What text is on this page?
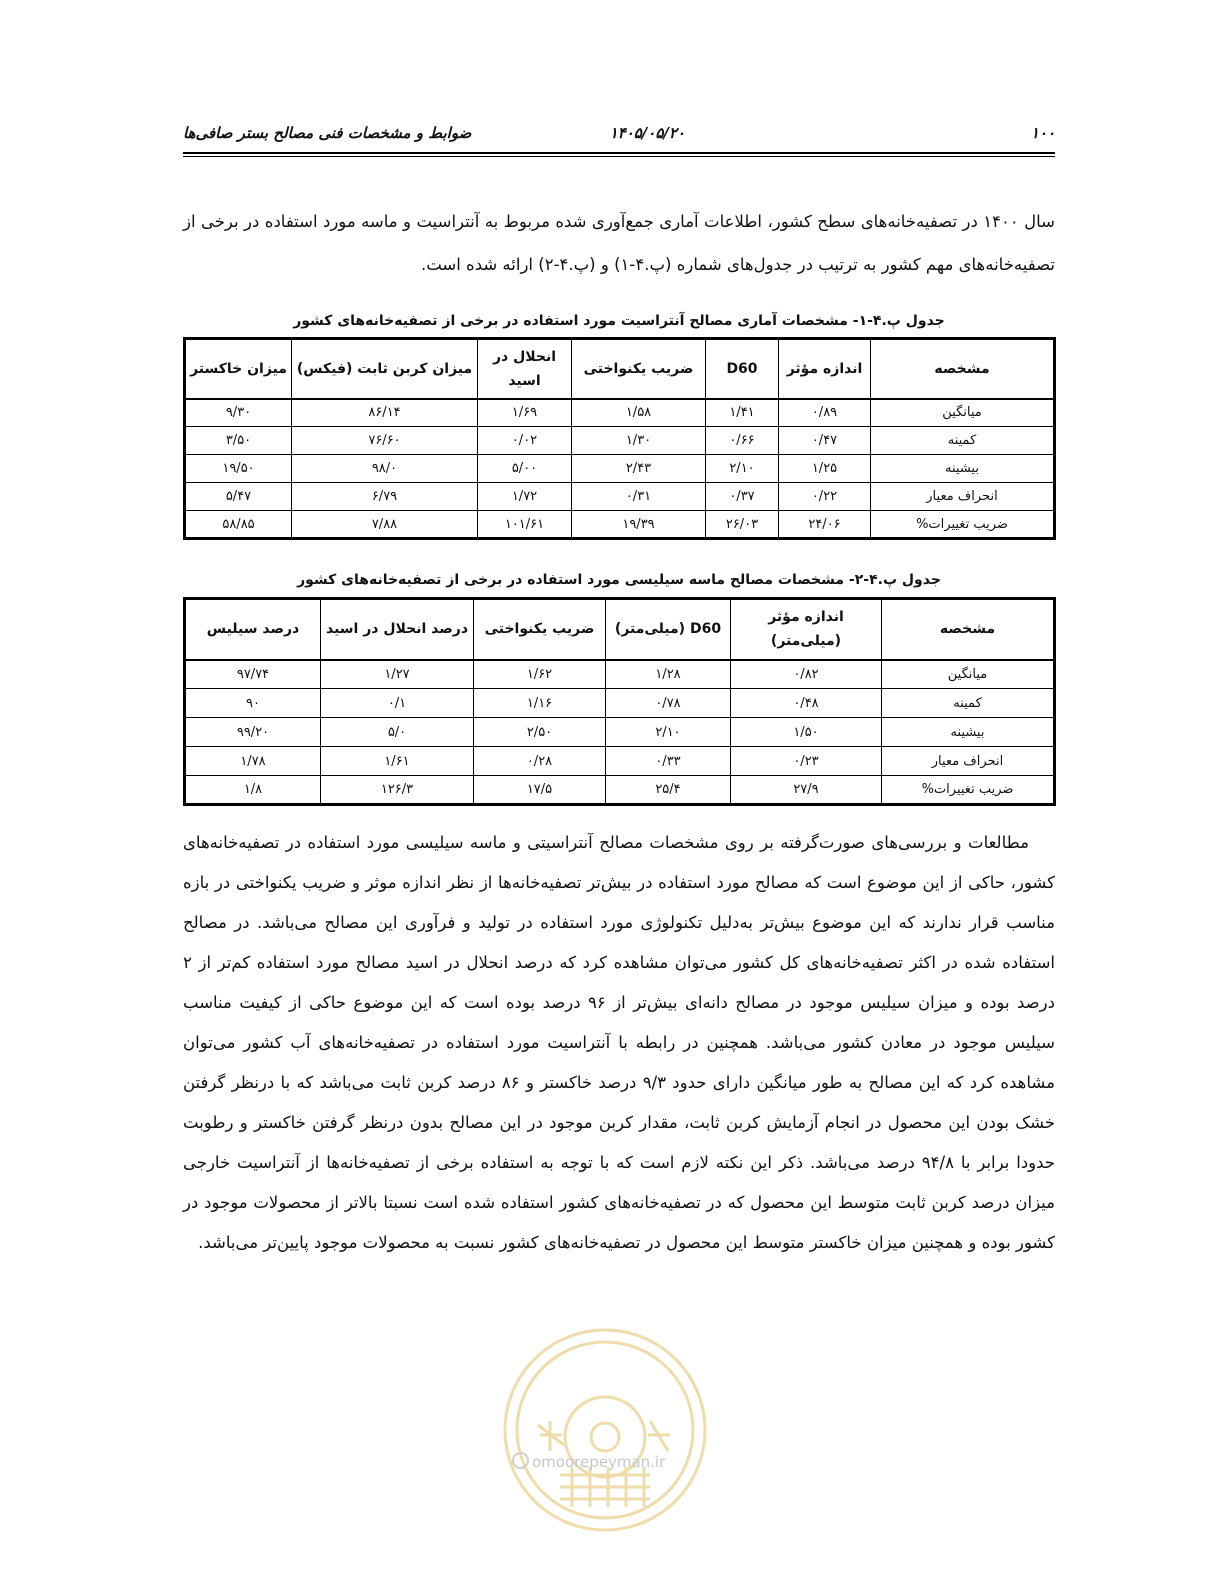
۱۰۰
۱۴۰۵/۰۵/۲۰
ضوابط و مشخصات فنی مصالح بستر صافی‌ها

سال ۱۴۰۰ در تصفیه‌خانه‌های سطح کشور، اطلاعات آماری جمع‌آوری شده مربوط به آنتراسیت و ماسه مورد استفاده در برخی از تصفیه‌خانه‌های مهم کشور به ترتیب در جدول‌های شماره (پ.۴-۱) و (پ.۴-۲) ارائه شده است.

جدول پ.۴-۱- مشخصات آماری مصالح آنتراسیت مورد استفاده در برخی از تصفیه‌خانه‌های کشور

مشخصه	اندازه مؤثر	D60	ضریب یکنواختی	انحلال در اسید	میزان کربن ثابت (فیکس)	میزان خاکستر
میانگین	۰/۸۹	۱/۴۱	۱/۵۸	۱/۶۹	۸۶/۱۴	۹/۳۰
کمینه	۰/۴۷	۰/۶۶	۱/۳۰	۰/۰۲	۷۶/۶۰	۳/۵۰
بیشینه	۱/۲۵	۲/۱۰	۲/۴۳	۵/۰۰	۹۸/۰	۱۹/۵۰
انحراف معیار	۰/۲۲	۰/۳۷	۰/۳۱	۱/۷۲	۶/۷۹	۵/۴۷
ضریب تغییرات%	۲۴/۰۶	۲۶/۰۳	۱۹/۳۹	۱۰۱/۶۱	۷/۸۸	۵۸/۸۵

جدول پ.۴-۲- مشخصات مصالح ماسه سیلیسی مورد استفاده در برخی از تصفیه‌خانه‌های کشور

مشخصه	اندازه مؤثر (میلی‌متر)	D60 (میلی‌متر)	ضریب یکنواختی	درصد انحلال در اسید	درصد سیلیس
میانگین	۰/۸۲	۱/۲۸	۱/۶۲	۱/۲۷	۹۷/۷۴
کمینه	۰/۴۸	۰/۷۸	۱/۱۶	۰/۱	۹۰
بیشینه	۱/۵۰	۲/۱۰	۲/۵۰	۵/۰	۹۹/۲۰
انحراف معیار	۰/۲۳	۰/۳۳	۰/۲۸	۱/۶۱	۱/۷۸
ضریب تغییرات%	۲۷/۹	۲۵/۴	۱۷/۵	۱۲۶/۳	۱/۸

مطالعات و بررسی‌های صورت‌گرفته بر روی مشخصات مصالح آنتراسیتی و ماسه سیلیسی مورد استفاده در تصفیه‌خانه‌های کشور، حاکی از این موضوع است که مصالح مورد استفاده در بیش‌تر تصفیه‌خانه‌ها از نظر اندازه موثر و ضریب یکنواختی در بازه مناسب قرار ندارند که این موضوع بیش‌تر به‌دلیل تکنولوژی مورد استفاده در تولید و فرآوری این مصالح می‌باشد. در مصالح استفاده شده در اکثر تصفیه‌خانه‌های کل کشور می‌توان مشاهده کرد که درصد انحلال در اسید مصالح مورد استفاده کم‌تر از ۲ درصد بوده و میزان سیلیس موجود در مصالح دانه‌ای بیش‌تر از ۹۶ درصد بوده است که این موضوع حاکی از کیفیت مناسب سیلیس موجود در معادن کشور می‌باشد. همچنین در رابطه با آنتراسیت مورد استفاده در تصفیه‌خانه‌های آب کشور می‌توان مشاهده کرد که این مصالح به طور میانگین دارای حدود ۹/۳ درصد خاکستر و ۸۶ درصد کربن ثابت می‌باشد که با درنظر گرفتن خشک بودن این محصول در انجام آزمایش کربن ثابت، مقدار کربن موجود در این مصالح بدون درنظر گرفتن خاکستر و رطوبت حدودا برابر با ۹۴/۸ درصد می‌باشد. ذکر این نکته لازم است که با توجه به استفاده برخی از تصفیه‌خانه‌ها از آنتراسیت خارجی میزان درصد کربن ثابت متوسط این محصول که در تصفیه‌خانه‌های کشور استفاده شده است نسبتا بالاتر از محصولات موجود در کشور بوده و همچنین میزان خاکستر متوسط این محصول در تصفیه‌خانه‌های کشور نسبت به محصولات موجود پایین‌تر می‌باشد.

omoorepeyman.ir
